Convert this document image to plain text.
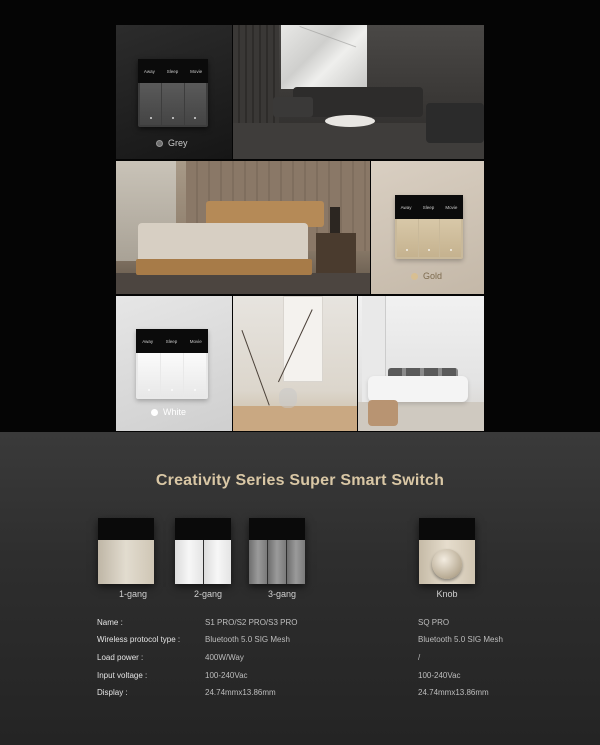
Away	Sleep	Movie
Grey
Away Sleep Movie
Gold
Away	Sleep	Movie
White
Creativity Series Super Smart Switch
1-gang	2-gang	3-gang	Knob
Name :	S1 PRO/S2 PRO/S3 PRO	SQ PRO
Wireless protocol type :	Bluetooth 5.0 SIG Mesh	Bluetooth 5.0 SIG Mesh
Load power :	400W/Way	/
Input voltage :	100-240Vac	100-240Vac
Display :	24.74mmx13.86mm	24.74mmx13.86mm
